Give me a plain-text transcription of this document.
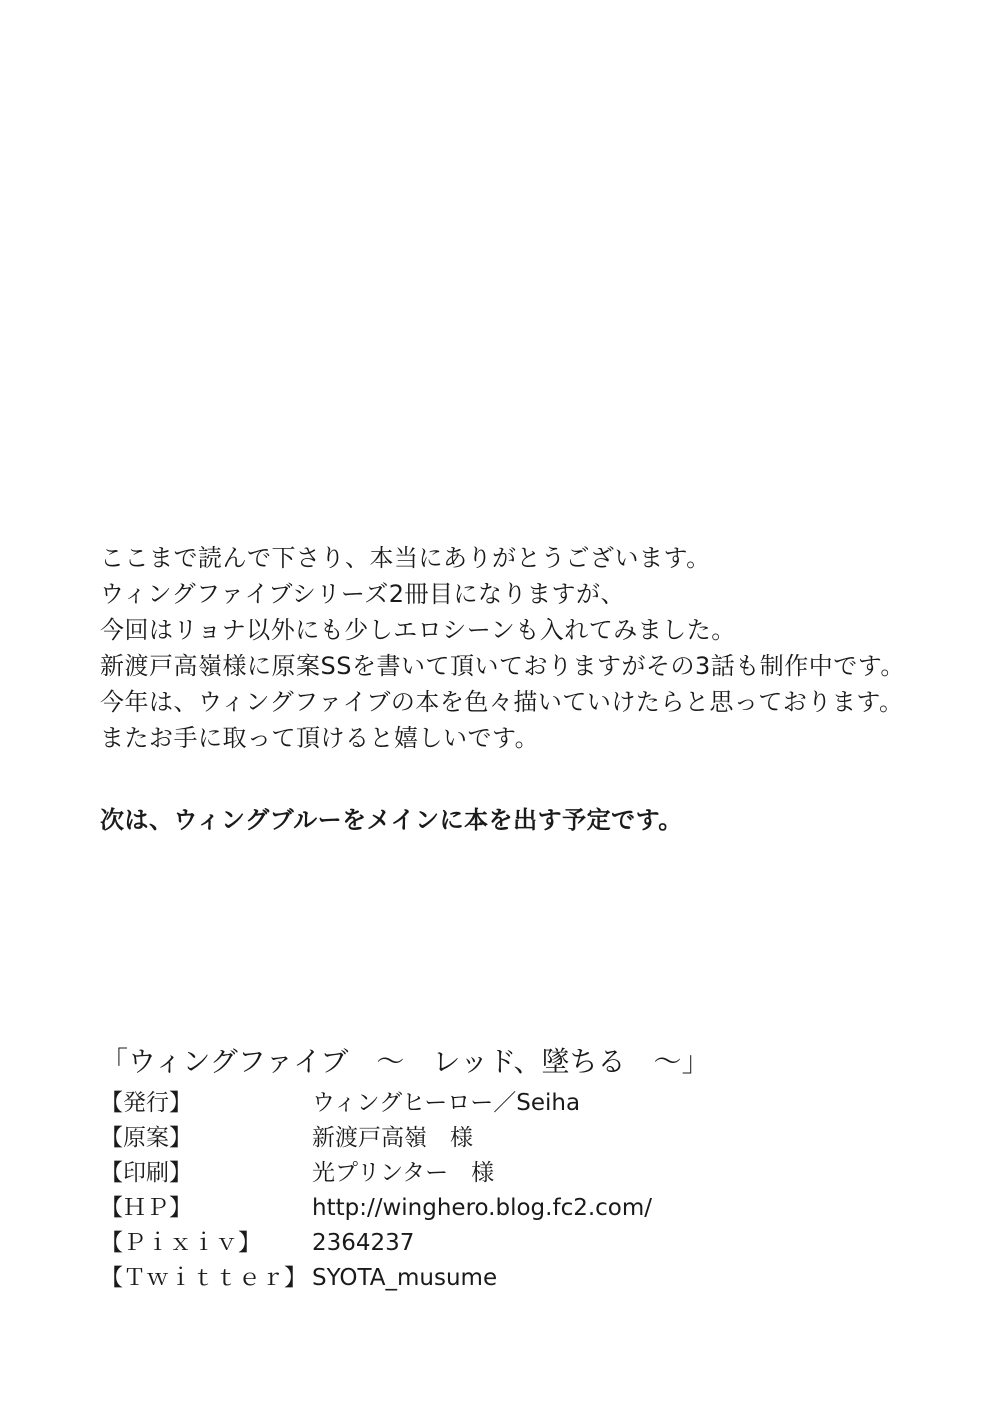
ここまで読んで下さり、本当にありがとうございます。
ウィングファイブシリーズ2冊目になりますが、
今回はリョナ以外にも少しエロシーンも入れてみました。
新渡戸高嶺様に原案SSを書いて頂いておりますがその3話も制作中です。
今年は、ウィングファイブの本を色々描いていけたらと思っております。
またお手に取って頂けると嬉しいです。
次は、ウィングブルーをメインに本を出す予定です。
「ウィングファイブ　～　レッド、墜ちる　～」
【発行】	ウィングヒーロー／Seiha
【原案】	新渡戸高嶺　様
【印刷】	光プリンター　様
【ＨＰ】	http://winghero.blog.fc2.com/
【Ｐｉｘｉｖ】 2364237
【Ｔｗｉｔｔｅｒ】 SYOTA_musume
